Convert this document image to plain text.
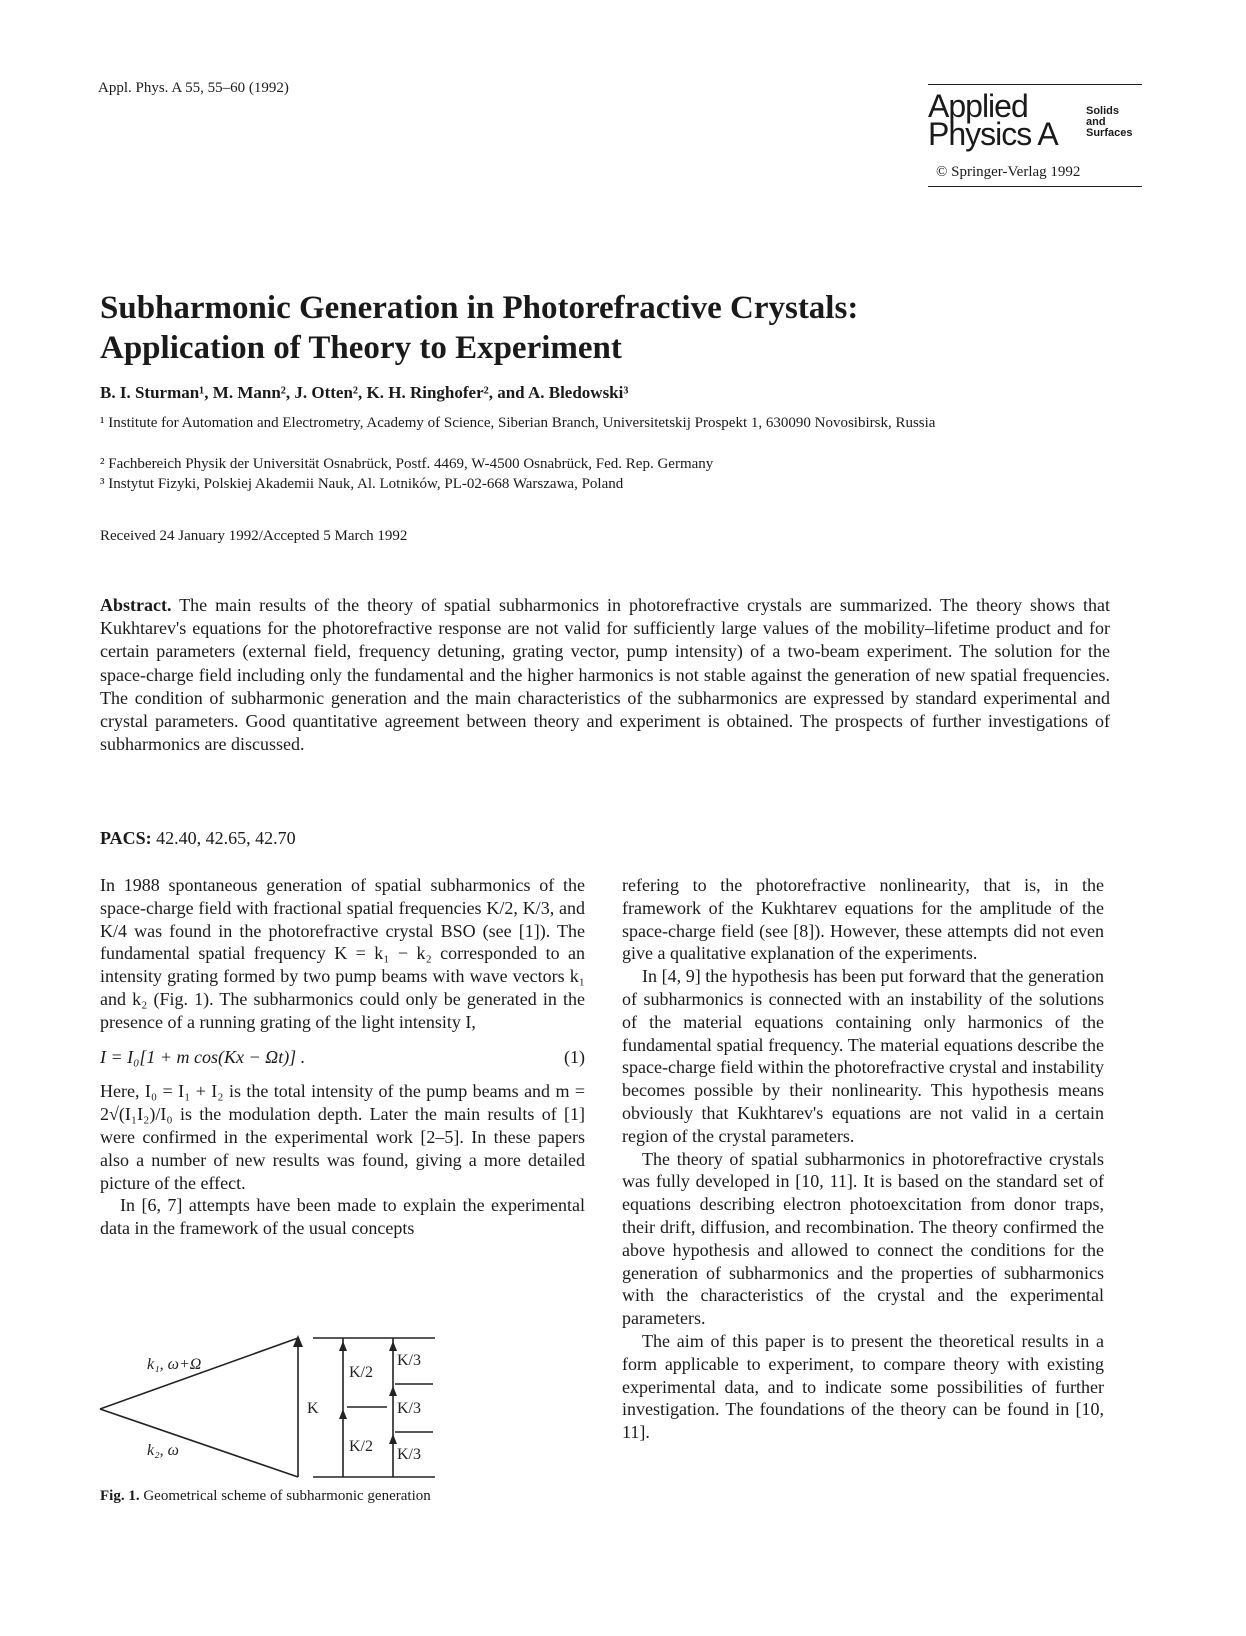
Appl. Phys. A 55, 55–60 (1992)	Applied
Physics A
Solids
and
Surfaces
© Springer-Verlag 1992
Subharmonic Generation in Photorefractive Crystals:
Application of Theory to Experiment
B. I. Sturman¹, M. Mann², J. Otten², K. H. Ringhofer², and A. Bledowski³
¹ Institute for Automation and Electrometry, Academy of Science, Siberian Branch, Universitetskij Prospekt 1, 630090 Novosibirsk, Russia
² Fachbereich Physik der Universität Osnabrück, Postf. 4469, W-4500 Osnabrück, Fed. Rep. Germany
³ Instytut Fizyki, Polskiej Akademii Nauk, Al. Lotników, PL-02-668 Warszawa, Poland
Received 24 January 1992/Accepted 5 March 1992
Abstract. The main results of the theory of spatial subharmonics in photorefractive crystals are summarized. The theory shows that Kukhtarev's equations for the photorefractive response are not valid for sufficiently large values of the mobility–lifetime product and for certain parameters (external field, frequency detuning, grating vector, pump intensity) of a two-beam experiment. The solution for the space-charge field including only the fundamental and the higher harmonics is not stable against the generation of new spatial frequencies. The condition of subharmonic generation and the main characteristics of the subharmonics are expressed by standard experimental and crystal parameters. Good quantitative agreement between theory and experiment is obtained. The prospects of further investigations of subharmonics are discussed.
PACS: 42.40, 42.65, 42.70

In 1988 spontaneous generation of spatial subharmonics of the space-charge field with fractional spatial frequencies K/2, K/3, and K/4 was found in the photorefractive crystal BSO (see [1]). The fundamental spatial frequency K = k₁ − k₂ corresponded to an intensity grating formed by two pump beams with wave vectors k₁ and k₂ (Fig. 1). The subharmonics could only be generated in the presence of a running grating of the light intensity I,

I = I₀[1 + m cos(Kx − Ωt)] .	(1)

Here, I₀ = I₁ + I₂ is the total intensity of the pump beams and m = 2√(I₁I₂)/I₀ is the modulation depth. Later the main results of [1] were confirmed in the experimental work [2–5]. In these papers also a number of new results was found, giving a more detailed picture of the effect.

In [6, 7] attempts have been made to explain the experimental data in the framework of the usual concepts

refering to the photorefractive nonlinearity, that is, in the framework of the Kukhtarev equations for the amplitude of the space-charge field (see [8]). However, these attempts did not even give a qualitative explanation of the experiments.

In [4, 9] the hypothesis has been put forward that the generation of subharmonics is connected with an instability of the solutions of the material equations containing only harmonics of the fundamental spatial frequency. The material equations describe the space-charge field within the photorefractive crystal and instability becomes possible by their nonlinearity. This hypothesis means obviously that Kukhtarev's equations are not valid in a certain region of the crystal parameters.

The theory of spatial subharmonics in photorefractive crystals was fully developed in [10, 11]. It is based on the standard set of equations describing electron photoexcitation from donor traps, their drift, diffusion, and recombination. The theory confirmed the above hypothesis and allowed to connect the conditions for the generation of subharmonics and the properties of subharmonics with the characteristics of the crystal and the experimental parameters.

The aim of this paper is to present the theoretical results in a form applicable to experiment, to compare theory with existing experimental data, and to indicate some possibilities of further investigation. The foundations of the theory can be found in [10, 11].

k₁, ω+Ω
k₂, ω
K
K/2
K/2
K/3
K/3
K/3
Fig. 1. Geometrical scheme of subharmonic generation
